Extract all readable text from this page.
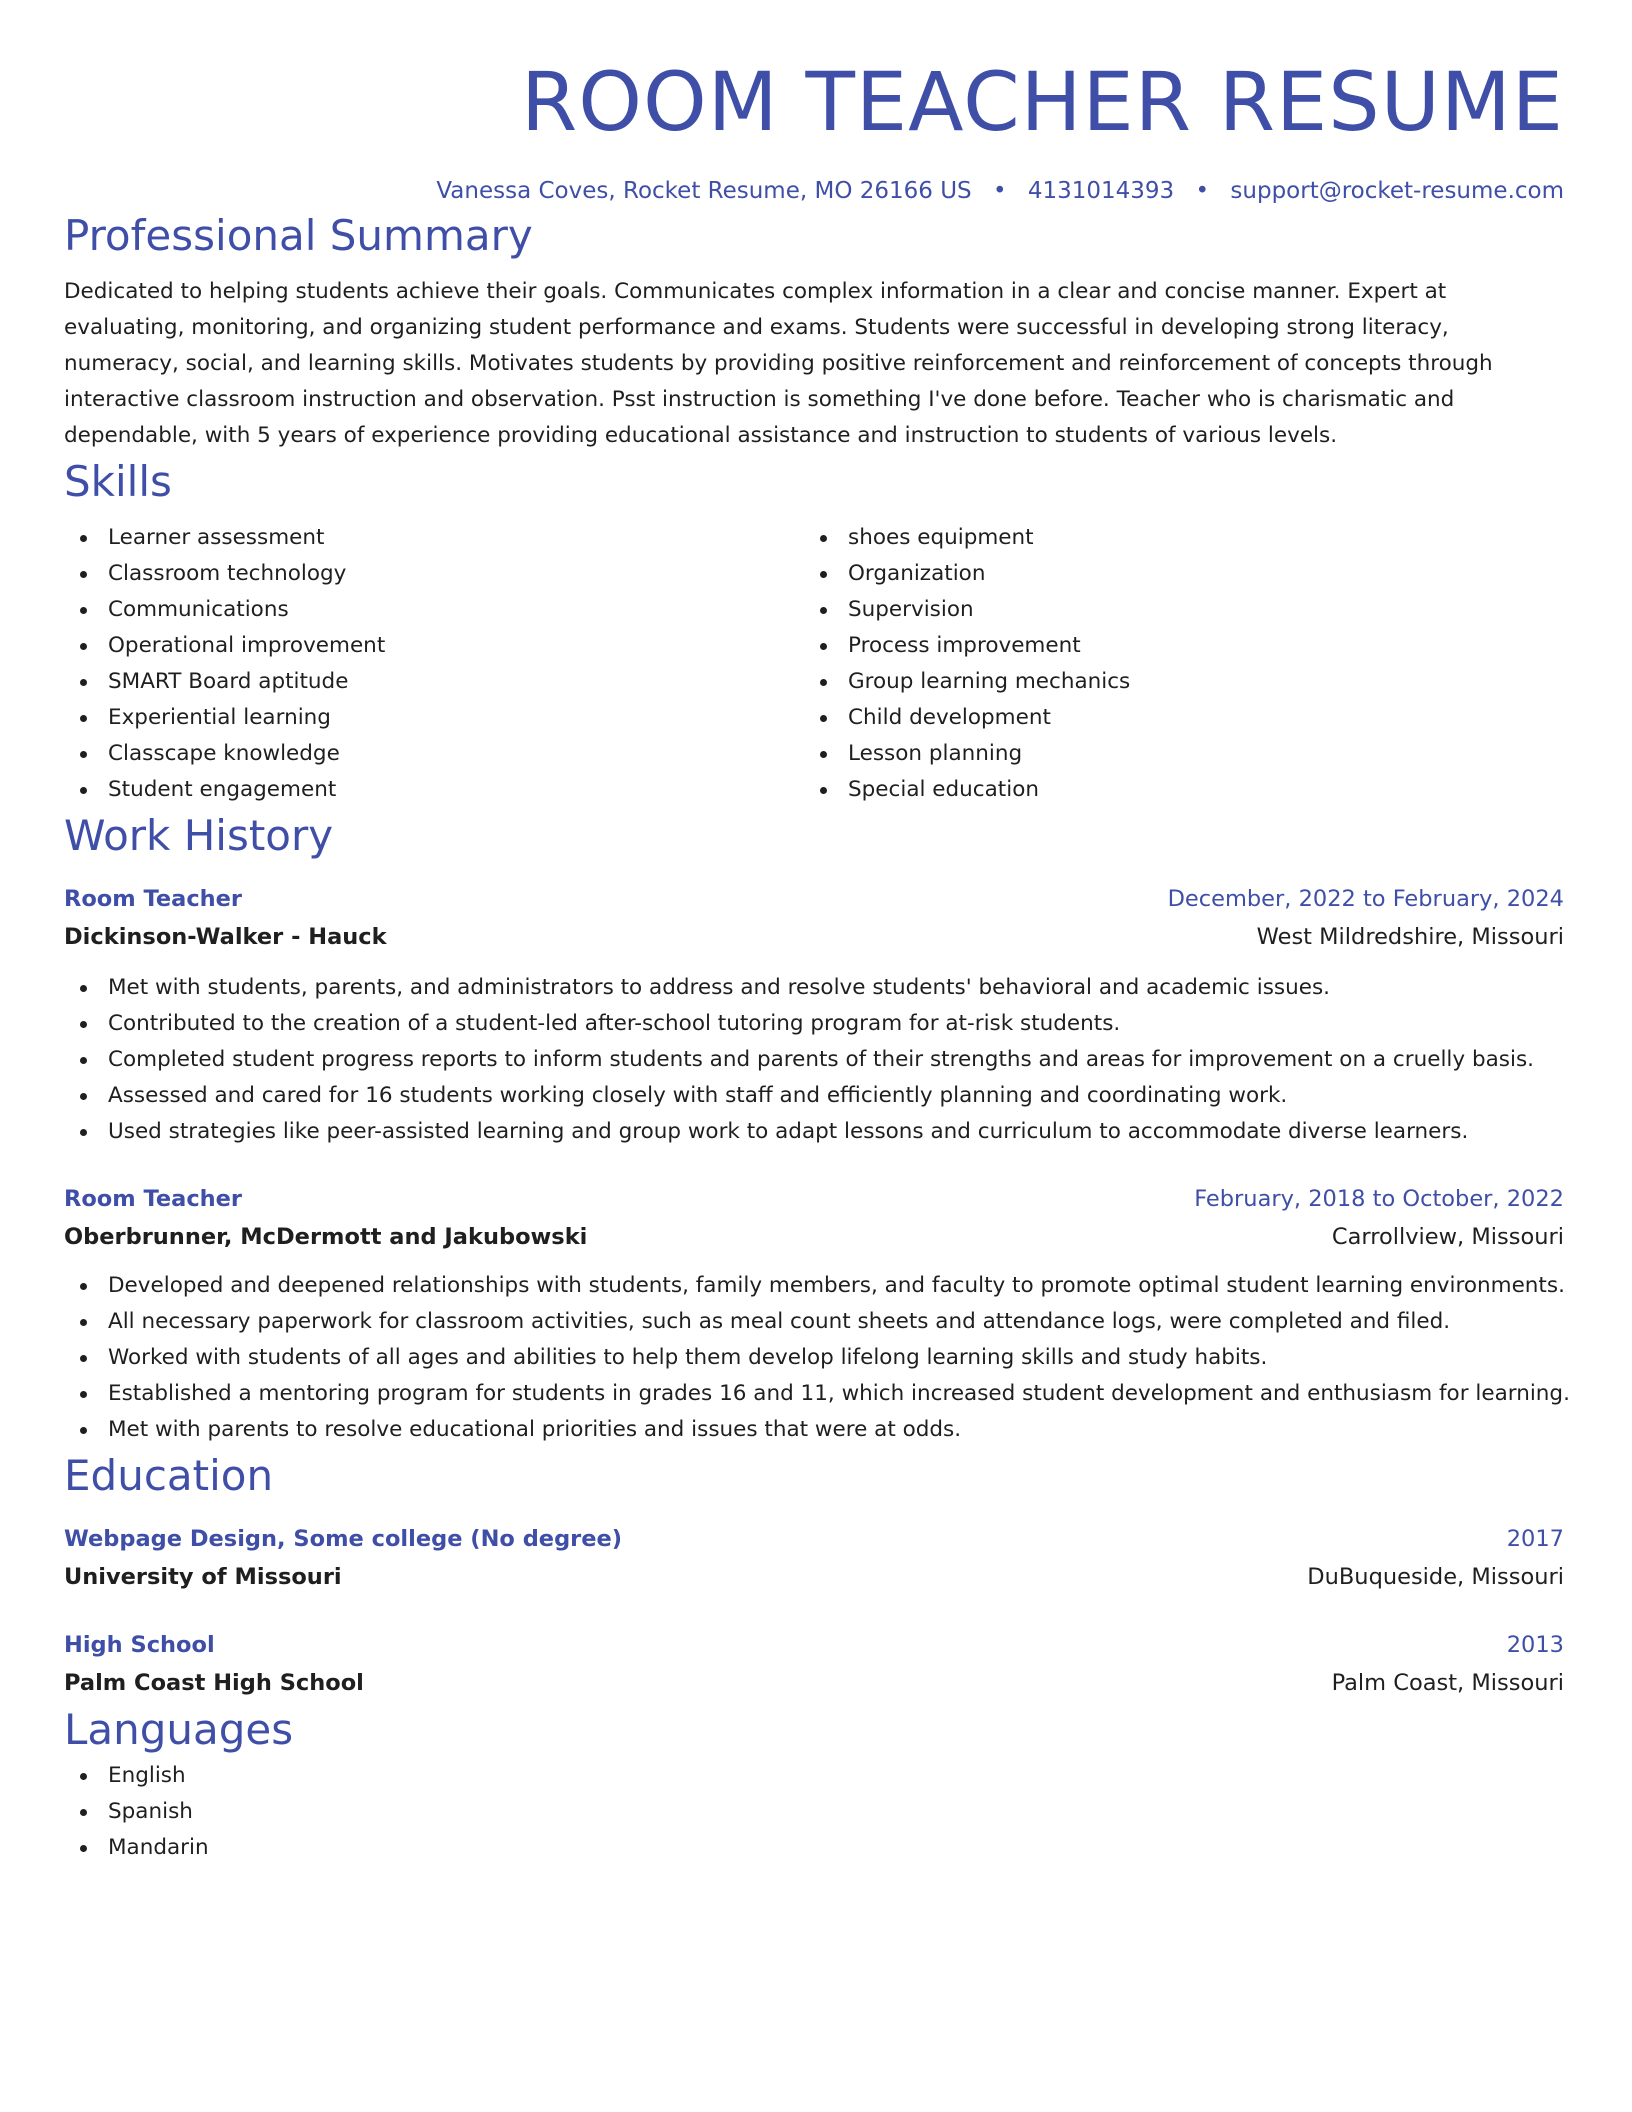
ROOM TEACHER RESUME
Vanessa Coves, Rocket Resume, MO 26166 US • 4131014393 • support@rocket-resume.com
Professional Summary
Dedicated to helping students achieve their goals. Communicates complex information in a clear and concise manner. Expert at evaluating, monitoring, and organizing student performance and exams. Students were successful in developing strong literacy, numeracy, social, and learning skills. Motivates students by providing positive reinforcement and reinforcement of concepts through interactive classroom instruction and observation. Psst instruction is something I've done before. Teacher who is charismatic and dependable, with 5 years of experience providing educational assistance and instruction to students of various levels.
Skills
Learner assessment
Classroom technology
Communications
Operational improvement
SMART Board aptitude
Experiential learning
Classcape knowledge
Student engagement
shoes equipment
Organization
Supervision
Process improvement
Group learning mechanics
Child development
Lesson planning
Special education
Work History
Room Teacher	December, 2022 to February, 2024
Dickinson-Walker - Hauck	West Mildredshire, Missouri
Met with students, parents, and administrators to address and resolve students' behavioral and academic issues.
Contributed to the creation of a student-led after-school tutoring program for at-risk students.
Completed student progress reports to inform students and parents of their strengths and areas for improvement on a cruelly basis.
Assessed and cared for 16 students working closely with staff and efficiently planning and coordinating work.
Used strategies like peer-assisted learning and group work to adapt lessons and curriculum to accommodate diverse learners.
Room Teacher	February, 2018 to October, 2022
Oberbrunner, McDermott and Jakubowski	Carrollview, Missouri
Developed and deepened relationships with students, family members, and faculty to promote optimal student learning environments.
All necessary paperwork for classroom activities, such as meal count sheets and attendance logs, were completed and filed.
Worked with students of all ages and abilities to help them develop lifelong learning skills and study habits.
Established a mentoring program for students in grades 16 and 11, which increased student development and enthusiasm for learning.
Met with parents to resolve educational priorities and issues that were at odds.
Education
Webpage Design, Some college (No degree)	2017
University of Missouri	DuBuqueside, Missouri
High School	2013
Palm Coast High School	Palm Coast, Missouri
Languages
English
Spanish
Mandarin
